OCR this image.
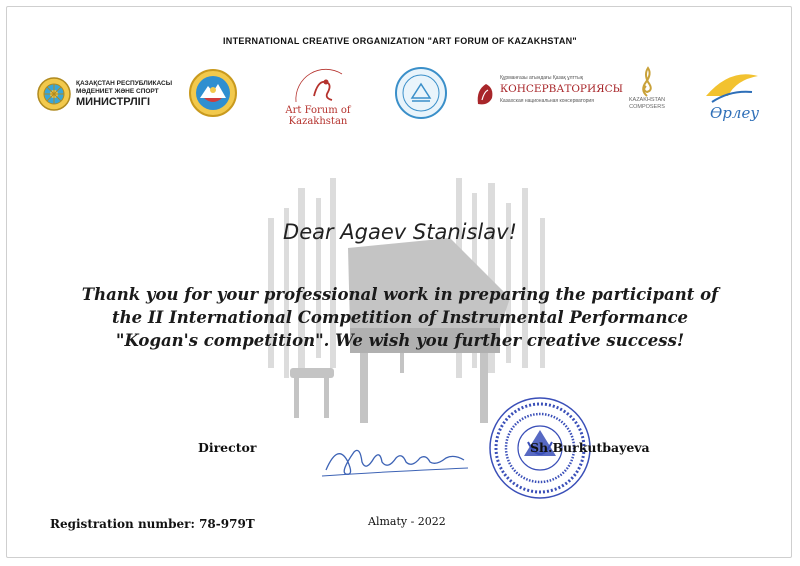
INTERNATIONAL CREATIVE ORGANIZATION "ART FORUM OF KAZAKHSTAN"
ҚАЗАҚСТАН РЕСПУБЛИКАСЫ
МӘДЕНИЕТ ЖӘНЕ СПОРТ
МИНИСТРЛІГІ
Art Forum of Kazakhstan
Құрманғазы атындағы Қазақ ұлттық
КОНСЕРВАТОРИЯСЫ
Казахская национальная консерватория	KAZAKHSTAN
COMPOSERS	Өрлеу
Dear Agaev Stanislav!
Thank you for your professional work in preparing the participant of the II International Competition of Instrumental Performance "Kogan's competition". We wish you further creative success!
Director	Sh.Burkutbayeva
Registration number: 78-979T	Almaty - 2022
